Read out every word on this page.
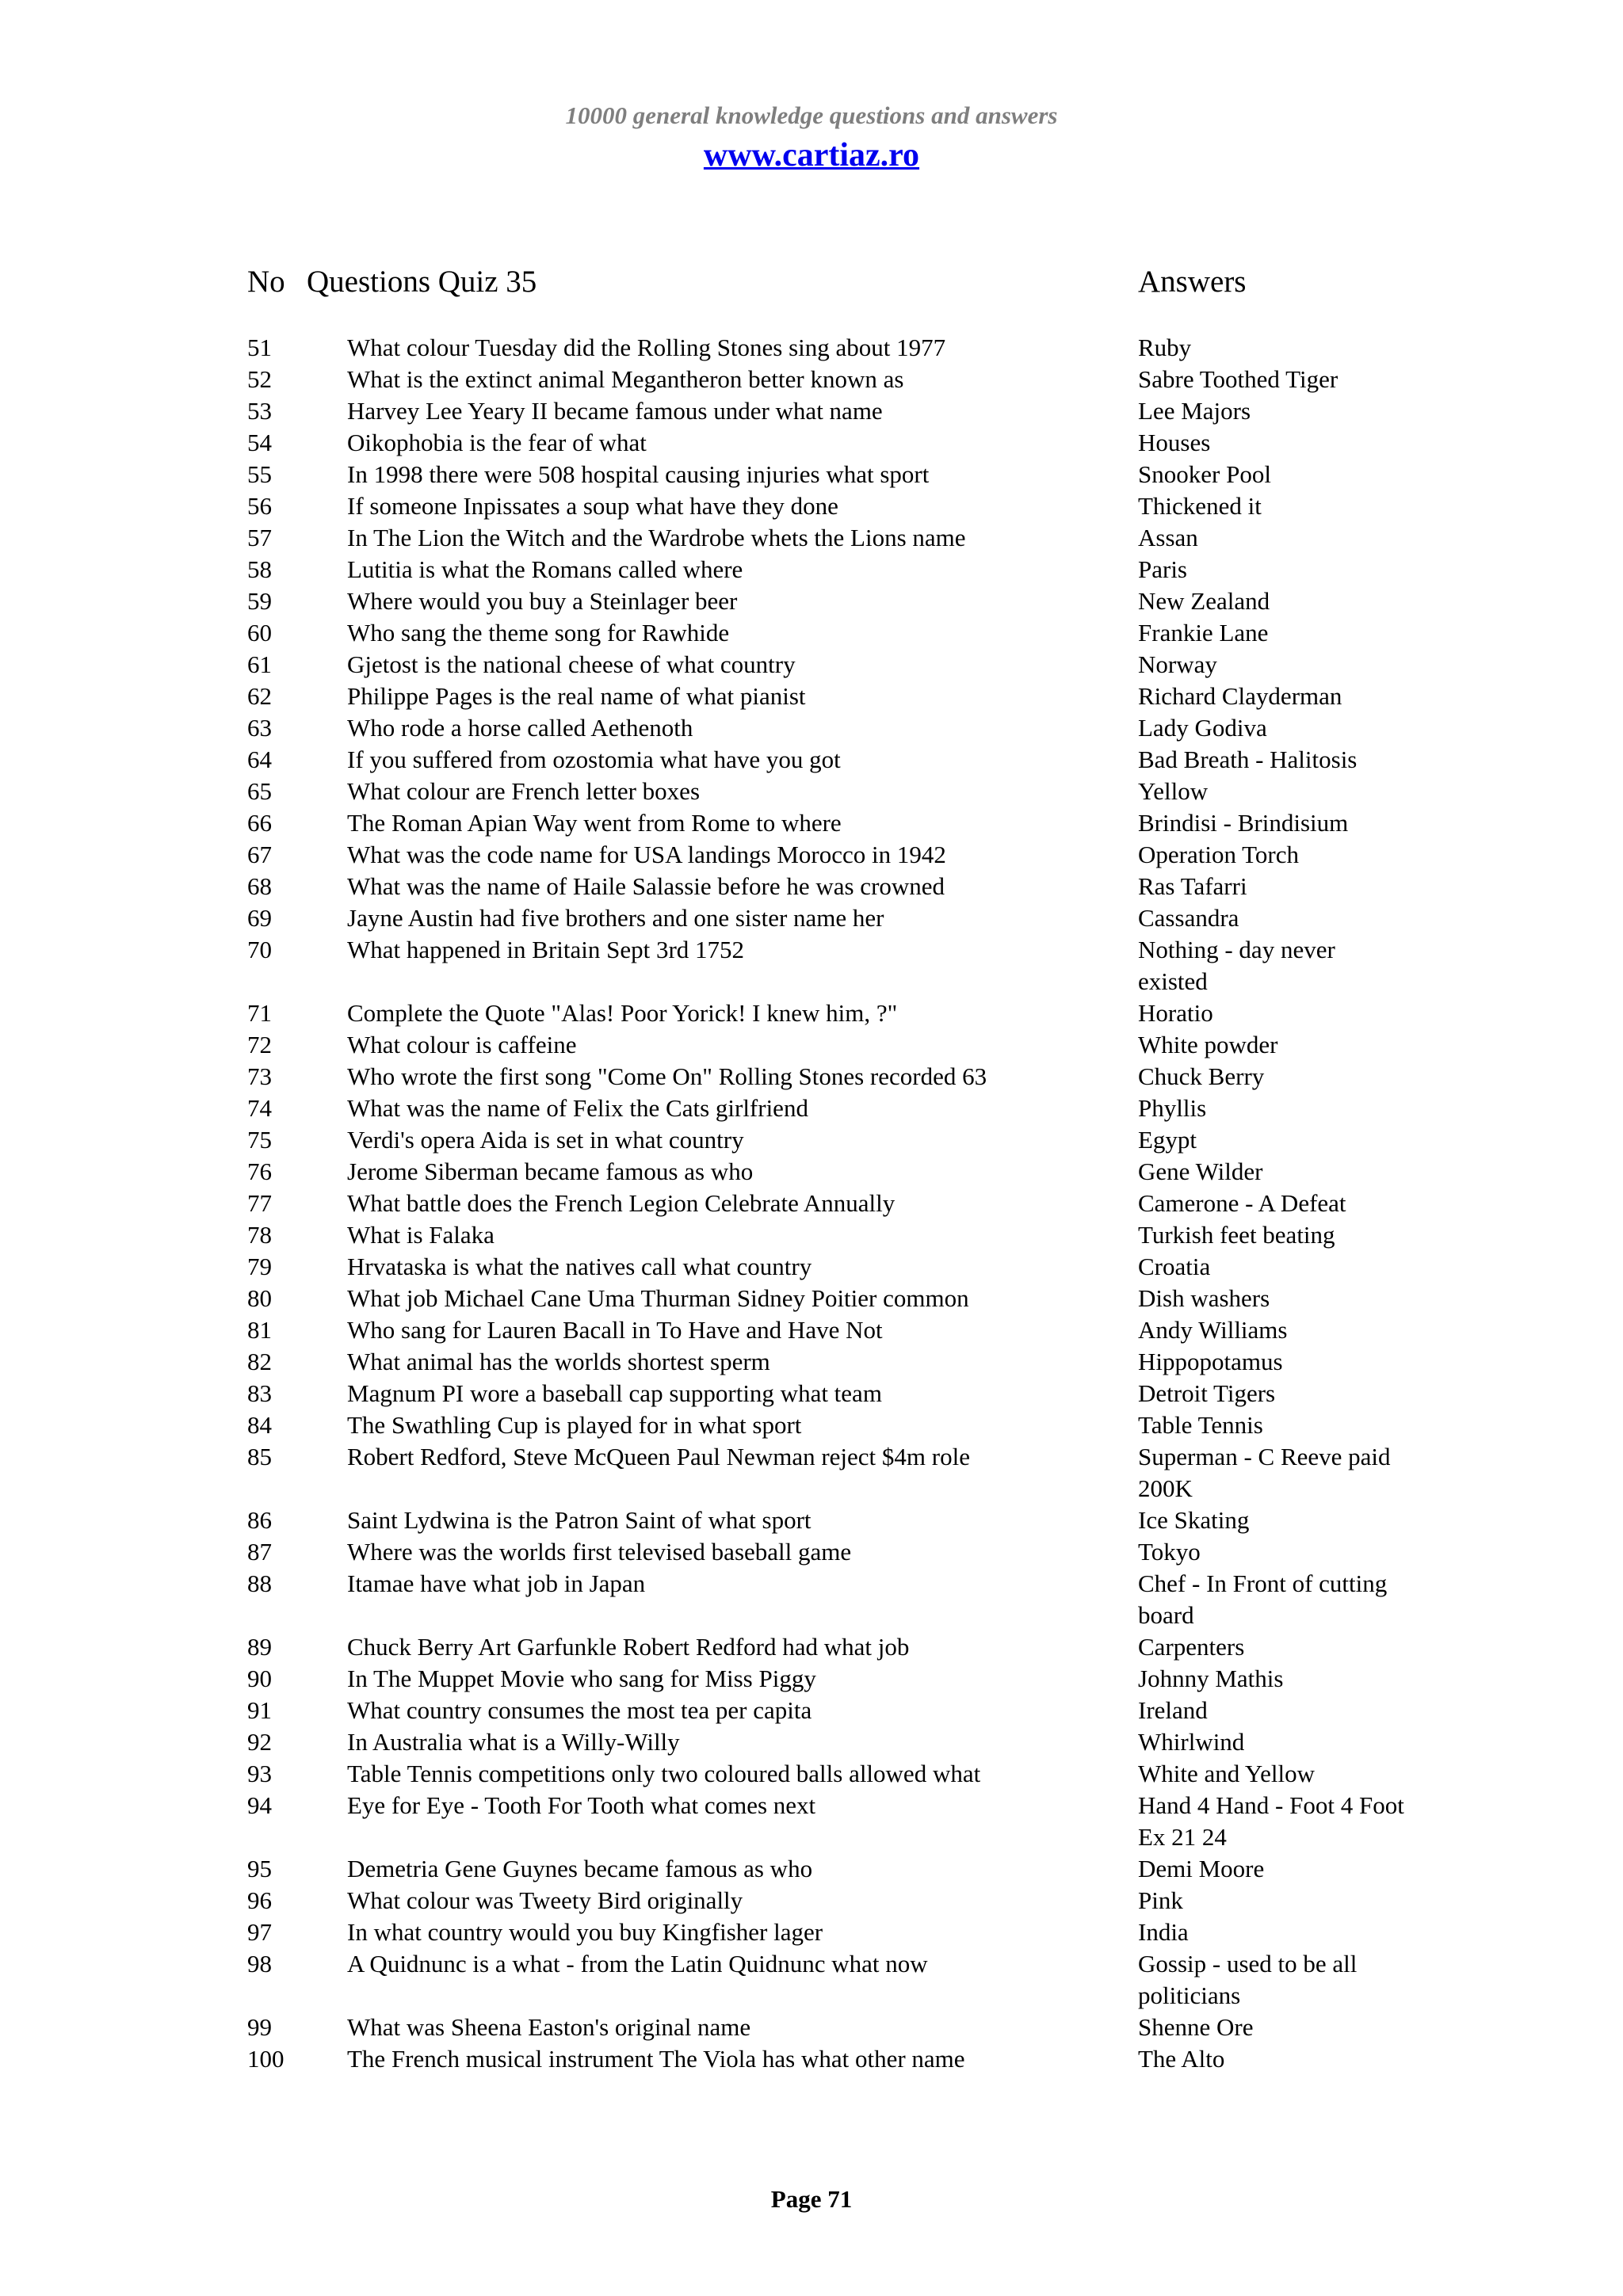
10000 general knowledge questions and answers
www.cartiaz.ro
No Questions Quiz 35	Answers
51	What colour Tuesday did the Rolling Stones sing about 1977	Ruby
52	What is the extinct animal Megantheron better known as	Sabre Toothed Tiger
53	Harvey Lee Yeary II became famous under what name	Lee Majors
54	Oikophobia is the fear of what	Houses
55	In 1998 there were 508 hospital causing injuries what sport	Snooker Pool
56	If someone Inpissates a soup what have they done	Thickened it
57	In The Lion the Witch and the Wardrobe whets the Lions name	Assan
58	Lutitia is what the Romans called where	Paris
59	Where would you buy a Steinlager beer	New Zealand
60	Who sang the theme song for Rawhide	Frankie Lane
61	Gjetost is the national cheese of what country	Norway
62	Philippe Pages is the real name of what pianist	Richard Clayderman
63	Who rode a horse called Aethenoth	Lady Godiva
64	If you suffered from ozostomia what have you got	Bad Breath - Halitosis
65	What colour are French letter boxes	Yellow
66	The Roman Apian Way went from Rome to where	Brindisi - Brindisium
67	What was the code name for USA landings Morocco in 1942	Operation Torch
68	What was the name of Haile Salassie before he was crowned	Ras Tafarri
69	Jayne Austin had five brothers and one sister name her	Cassandra
70	What happened in Britain Sept 3rd 1752	Nothing - day never existed
71	Complete the Quote "Alas! Poor Yorick! I knew him, ?"	Horatio
72	What colour is caffeine	White powder
73	Who wrote the first song "Come On" Rolling Stones recorded 63	Chuck Berry
74	What was the name of Felix the Cats girlfriend	Phyllis
75	Verdi's opera Aida is set in what country	Egypt
76	Jerome Siberman became famous as who	Gene Wilder
77	What battle does the French Legion Celebrate Annually	Camerone - A Defeat
78	What is Falaka	Turkish feet beating
79	Hrvataska is what the natives call what country	Croatia
80	What job Michael Cane Uma Thurman Sidney Poitier common	Dish washers
81	Who sang for Lauren Bacall in To Have and Have Not	Andy Williams
82	What animal has the worlds shortest sperm	Hippopotamus
83	Magnum PI wore a baseball cap supporting what team	Detroit Tigers
84	The Swathling Cup is played for in what sport	Table Tennis
85	Robert Redford, Steve McQueen Paul Newman reject $4m role	Superman - C Reeve paid 200K
86	Saint Lydwina is the Patron Saint of what sport	Ice Skating
87	Where was the worlds first televised baseball game	Tokyo
88	Itamae have what job in Japan	Chef - In Front of cutting board
89	Chuck Berry Art Garfunkle Robert Redford had what job	Carpenters
90	In The Muppet Movie who sang for Miss Piggy	Johnny Mathis
91	What country consumes the most tea per capita	Ireland
92	In Australia what is a Willy-Willy	Whirlwind
93	Table Tennis competitions only two coloured balls allowed what	White and Yellow
94	Eye for Eye - Tooth For Tooth what comes next	Hand 4 Hand - Foot 4 Foot Ex 21 24
95	Demetria Gene Guynes became famous as who	Demi Moore
96	What colour was Tweety Bird originally	Pink
97	In what country would you buy Kingfisher lager	India
98	A Quidnunc is a what - from the Latin Quidnunc what now	Gossip - used to be all politicians
99	What was Sheena Easton's original name	Shenne Ore
100	The French musical instrument The Viola has what other name	The Alto
Page 71
